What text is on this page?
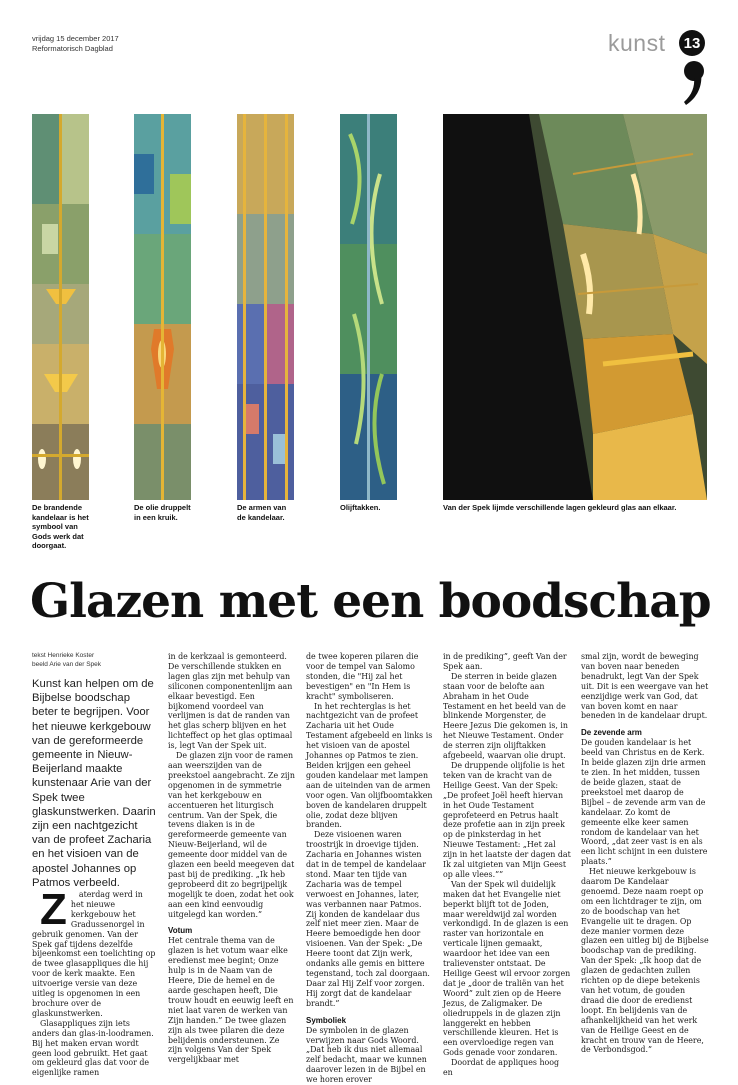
vrijdag 15 december 2017
Reformatorisch Dagblad	kunst	13
De brandende kandelaar is het symbool van Gods werk dat doorgaat.
De olie druppelt in een kruik.
De armen van de kandelaar.
Olijftakken.	Van der Spek lijmde verschillende lagen gekleurd glas aan elkaar.
Glazen met een boodschap
tekst Henrieke Koster
beeld Arie van der Spek

Kunst kan helpen om de Bijbelse boodschap beter te begrijpen. Voor het nieuwe kerkgebouw van de gereformeerde gemeente in Nieuw-Beijerland maakte kunstenaar Arie van der Spek twee glaskunstwerken. Daarin zijn een nachtgezicht van de profeet Zacharia en het visioen van de apostel Johannes op Patmos verbeeld.

Z aterdag werd in het nieuwe kerkgebouw het Gradussenorgel in gebruik genomen. Van der Spek gaf tijdens dezelfde bijeenkomst een toelichting op de twee glasappliques die hij voor de kerk maakte. Een uitvoerige versie van deze uitleg is opgenomen in een brochure over de glaskunstwerken.

Glasappliques zijn iets anders dan glas-in-loodramen. Bij het maken ervan wordt geen lood gebruikt. Het gaat om gekleurd glas dat voor de eigenlijke ramen

in de kerkzaal is gemonteerd. De verschillende stukken en lagen glas zijn met behulp van siliconen componentenlijm aan elkaar bevestigd. Een bijkomend voordeel van verlijmen is dat de randen van het glas scherp blijven en het lichteffect op het glas optimaal is, legt Van der Spek uit.

De glazen zijn voor de ramen aan weerszijden van de preekstoel aangebracht. Ze zijn opgenomen in de symmetrie van het kerkgebouw en accentueren het liturgisch centrum. Van der Spek, die tevens diaken is in de gereformeerde gemeente van Nieuw-Beijerland, wil de gemeente door middel van de glazen een beeld meegeven dat past bij de prediking. „Ik heb geprobeerd dit zo begrijpelijk mogelijk te doen, zodat het ook aan een kind eenvoudig uitgelegd kan worden.”

Votum

Het centrale thema van de glazen is het votum waar elke eredienst mee begint; Onze hulp is in de Naam van de Heere, Die de hemel en de aarde geschapen heeft, Die trouw houdt en eeuwig leeft en niet laat varen de werken van Zijn handen.” De twee glazen zijn als twee pilaren die deze belijdenis ondersteunen. Ze zijn volgens Van der Spek vergelijkbaar met

de twee koperen pilaren die voor de tempel van Salomo stonden, die "Hij zal het bevestigen" en "In Hem is kracht" symboliseren.

In het rechterglas is het nachtgezicht van de profeet Zacharia uit het Oude Testament afgebeeld en links is het visioen van de apostel Johannes op Patmos te zien. Beiden krijgen een geheel gouden kandelaar met lampen aan de uiteinden van de armen voor ogen. Van olijfboomtakken boven de kandelaren druppelt olie, zodat deze blijven branden.

Deze visioenen waren troostrijk in droevige tijden. Zacharia en Johannes wisten dat in de tempel de kandelaar stond. Maar ten tijde van Zacharia was de tempel verwoest en Johannes, later, was verbannen naar Patmos. Zij konden de kandelaar dus zelf niet meer zien. Maar de Heere bemoedigde hen door visioenen. Van der Spek: „De Heere toont dat Zijn werk, ondanks alle gemis en bittere tegenstand, toch zal doorgaan. Daar zal Hij Zelf voor zorgen. Hij zorgt dat de kandelaar brandt.”

Symboliek

De symbolen in de glazen verwijzen naar Gods Woord. „Dat heb ik dus niet allemaal zelf bedacht, maar we kunnen daarover lezen in de Bijbel en we horen erover

in de prediking”, geeft Van der Spek aan.

De sterren in beide glazen staan voor de belofte aan Abraham in het Oude Testament en het beeld van de blinkende Morgenster, de Heere Jezus Die gekomen is, in het Nieuwe Testament. Onder de sterren zijn olijftakken afgebeeld, waarvan olie drupt.

De druppende olijfolie is het teken van de kracht van de Heilige Geest. Van der Spek: „De profeet Joël heeft hiervan in het Oude Testament geprofeteerd en Petrus haalt deze profetie aan in zijn preek op de pinksterdag in het Nieuwe Testament: „Het zal zijn in het laatste der dagen dat Ik zal uitgieten van Mijn Geest op alle vlees.””

Van der Spek wil duidelijk maken dat het Evangelie niet beperkt blijft tot de Joden, maar wereldwijd zal worden verkondigd. In de glazen is een raster van horizontale en verticale lijnen gemaakt, waardoor het idee van een tralievenster ontstaat. De Heilige Geest wil ervoor zorgen dat je „door de traliën van het Woord” zult zien op de Heere Jezus, de Zaligmaker. De oliedruppels in de glazen zijn langgerekt en hebben verschillende kleuren. Het is een overvloedige regen van Gods genade voor zondaren.

Doordat de appliques hoog en

smal zijn, wordt de beweging van boven naar beneden benadrukt, legt Van der Spek uit. Dit is een weergave van het eenzijdige werk van God, dat van boven komt en naar beneden in de kandelaar drupt.

De zevende arm

De gouden kandelaar is het beeld van Christus en de Kerk. In beide glazen zijn drie armen te zien. In het midden, tussen de beide glazen, staat de preekstoel met daarop de Bijbel – de zevende arm van de kandelaar. Zo komt de gemeente elke keer samen rondom de kandelaar van het Woord, „dat zeer vast is en als een licht schijnt in een duistere plaats.”

Het nieuwe kerkgebouw is daarom De Kandelaar genoemd. Deze naam roept op om een lichtdrager te zijn, om zo de boodschap van het Evangelie uit te dragen. Op deze manier vormen deze glazen een uitleg bij de Bijbelse boodschap van de prediking. Van der Spek: „Ik hoop dat de glazen de gedachten zullen richten op de diepe betekenis van het votum, de gouden draad die door de eredienst loopt. En belijdenis van de afhankelijkheid van het werk van de Heilige Geest en de kracht en trouw van de Heere, de Verbondsgod.”
